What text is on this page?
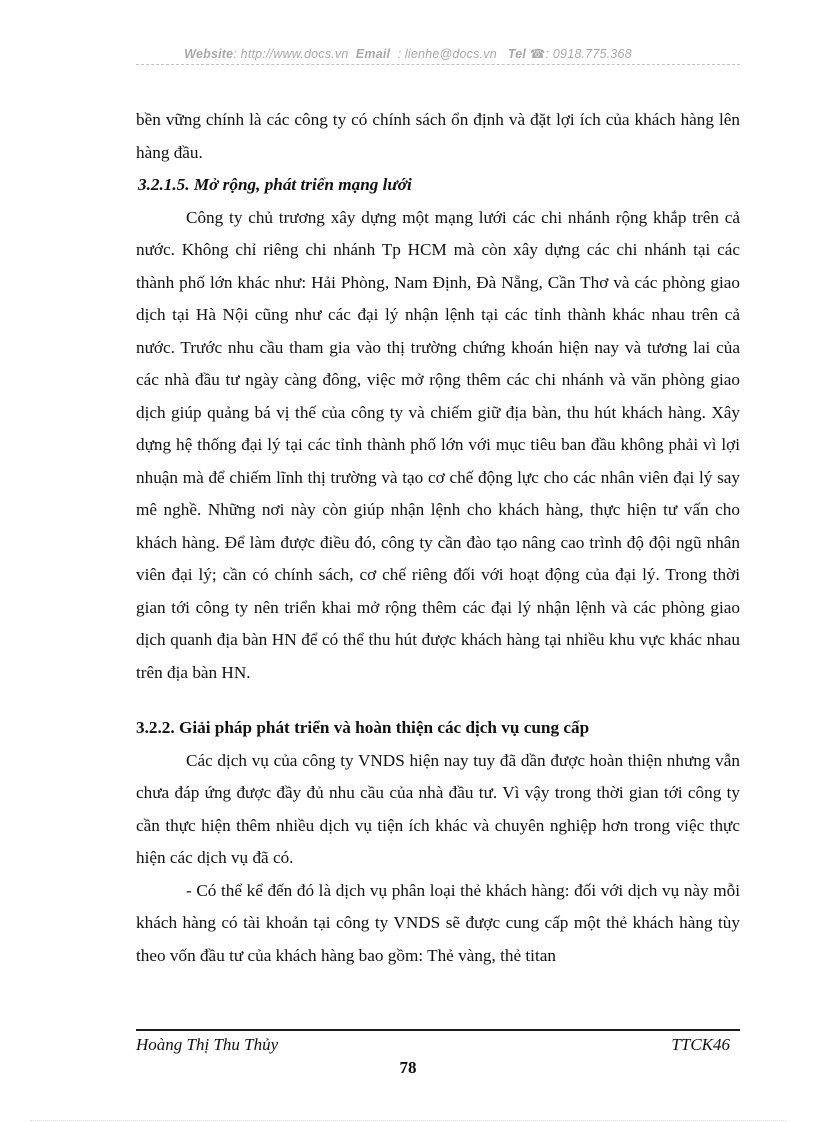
Website: http://www.docs.vn Email : lienhe@docs.vn Tel ☎: 0918.775.368

bền vững chính là các công ty có chính sách ổn định và đặt lợi ích của khách hàng lên hàng đầu.

3.2.1.5. Mở rộng, phát triển mạng lưới

Công ty chủ trương xây dựng một mạng lưới các chi nhánh rộng khắp trên cả nước. Không chỉ riêng chi nhánh Tp HCM mà còn xây dựng các chi nhánh tại các thành phố lớn khác như: Hải Phòng, Nam Định, Đà Nẵng, Cần Thơ và các phòng giao dịch tại Hà Nội cũng như các đại lý nhận lệnh tại các tỉnh thành khác nhau trên cả nước. Trước nhu cầu tham gia vào thị trường chứng khoán hiện nay và tương lai của các nhà đầu tư ngày càng đông, việc mở rộng thêm các chi nhánh và văn phòng giao dịch giúp quảng bá vị thế của công ty và chiếm giữ địa bàn, thu hút khách hàng. Xây dựng hệ thống đại lý tại các tỉnh thành phố lớn với mục tiêu ban đầu không phải vì lợi nhuận mà để chiếm lĩnh thị trường và tạo cơ chế động lực cho các nhân viên đại lý say mê nghề. Những nơi này còn giúp nhận lệnh cho khách hàng, thực hiện tư vấn cho khách hàng. Để làm được điều đó, công ty cần đào tạo nâng cao trình độ đội ngũ nhân viên đại lý; cần có chính sách, cơ chế riêng đối với hoạt động của đại lý. Trong thời gian tới công ty nên triển khai mở rộng thêm các đại lý nhận lệnh và các phòng giao dịch quanh địa bàn HN để có thể thu hút được khách hàng tại nhiều khu vực khác nhau trên địa bàn HN.

3.2.2. Giải pháp phát triển và hoàn thiện các dịch vụ cung cấp

Các dịch vụ của công ty VNDS hiện nay tuy đã dần được hoàn thiện nhưng vẫn chưa đáp ứng được đầy đủ nhu cầu của nhà đầu tư. Vì vậy trong thời gian tới công ty cần thực hiện thêm nhiều dịch vụ tiện ích khác và chuyên nghiệp hơn trong việc thực hiện các dịch vụ đã có.

- Có thể kể đến đó là dịch vụ phân loại thẻ khách hàng: đối với dịch vụ này mỗi khách hàng có tài khoản tại công ty VNDS sẽ được cung cấp một thẻ khách hàng tùy theo vốn đầu tư của khách hàng bao gồm: Thẻ vàng, thẻ titan

Hoàng Thị Thu Thủy	TTCK46
78
